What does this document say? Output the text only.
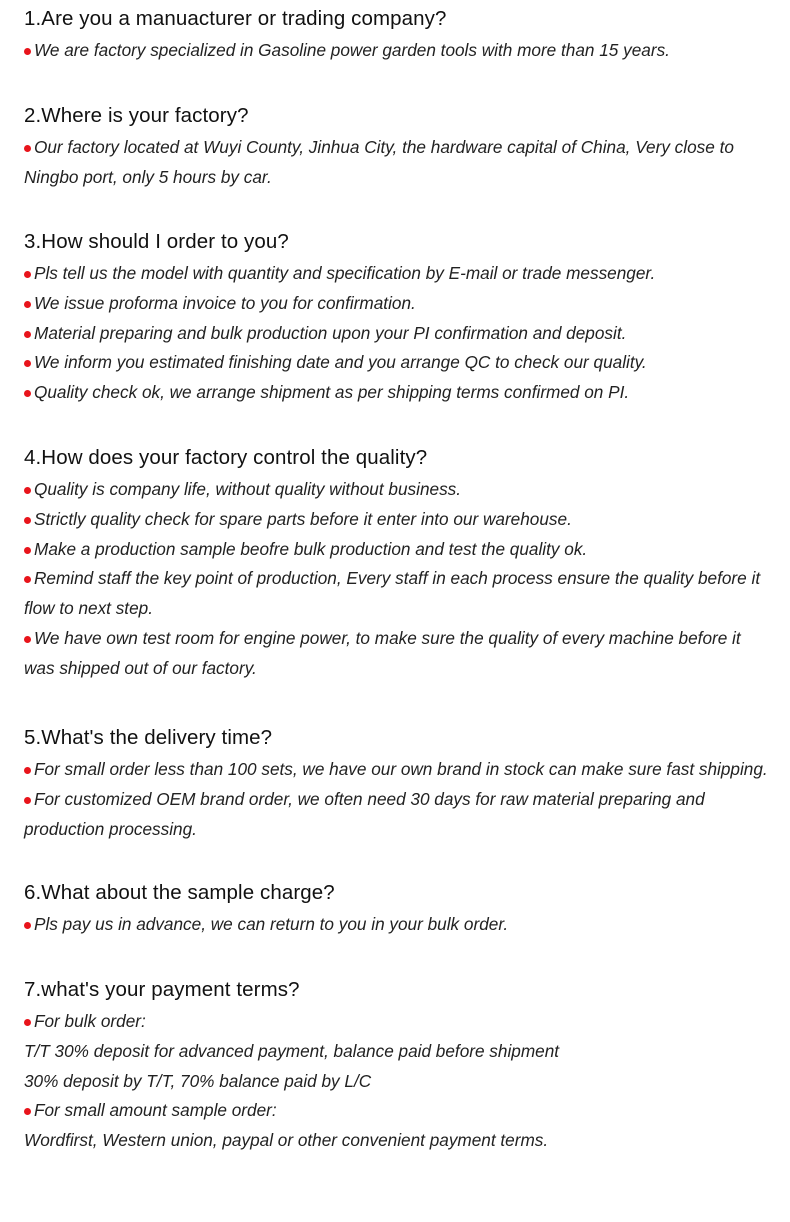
1.Are you a manuacturer or trading company?

We are factory specialized in Gasoline power garden tools with more than 15 years.

2.Where is your factory?

Our factory located at Wuyi County, Jinhua City, the hardware capital of China, Very close to Ningbo port, only 5 hours by car.

3.How should I order to you?

Pls tell us the model with quantity and specification by E-mail or trade messenger.

We issue proforma invoice to you for confirmation.

Material preparing and bulk production upon your PI confirmation and deposit.

We inform you estimated finishing date and you arrange QC to check our quality.

Quality check ok, we arrange shipment as per shipping terms confirmed on PI.

4.How does your factory control the quality?

Quality is company life, without quality without business.

Strictly quality check for spare parts before it enter into our warehouse.

Make a production sample beofre bulk production and test the quality ok.

Remind staff the key point of production, Every staff in each process ensure the quality before it flow to next step.

We have own test room for engine power, to make sure the quality of every machine before it was shipped out of our factory.

5.What's the delivery time?

For small order less than 100 sets, we have our own brand in stock can make sure fast shipping.

For customized OEM brand order, we often need 30 days for raw material preparing and production processing.

6.What about the sample charge?

Pls pay us in advance, we can return to you in your bulk order.

7.what's your payment terms?

For bulk order:

T/T 30% deposit for advanced payment, balance paid before shipment

30% deposit by T/T, 70% balance paid by L/C

For small amount sample order:

Wordfirst, Western union, paypal or other convenient payment terms.
